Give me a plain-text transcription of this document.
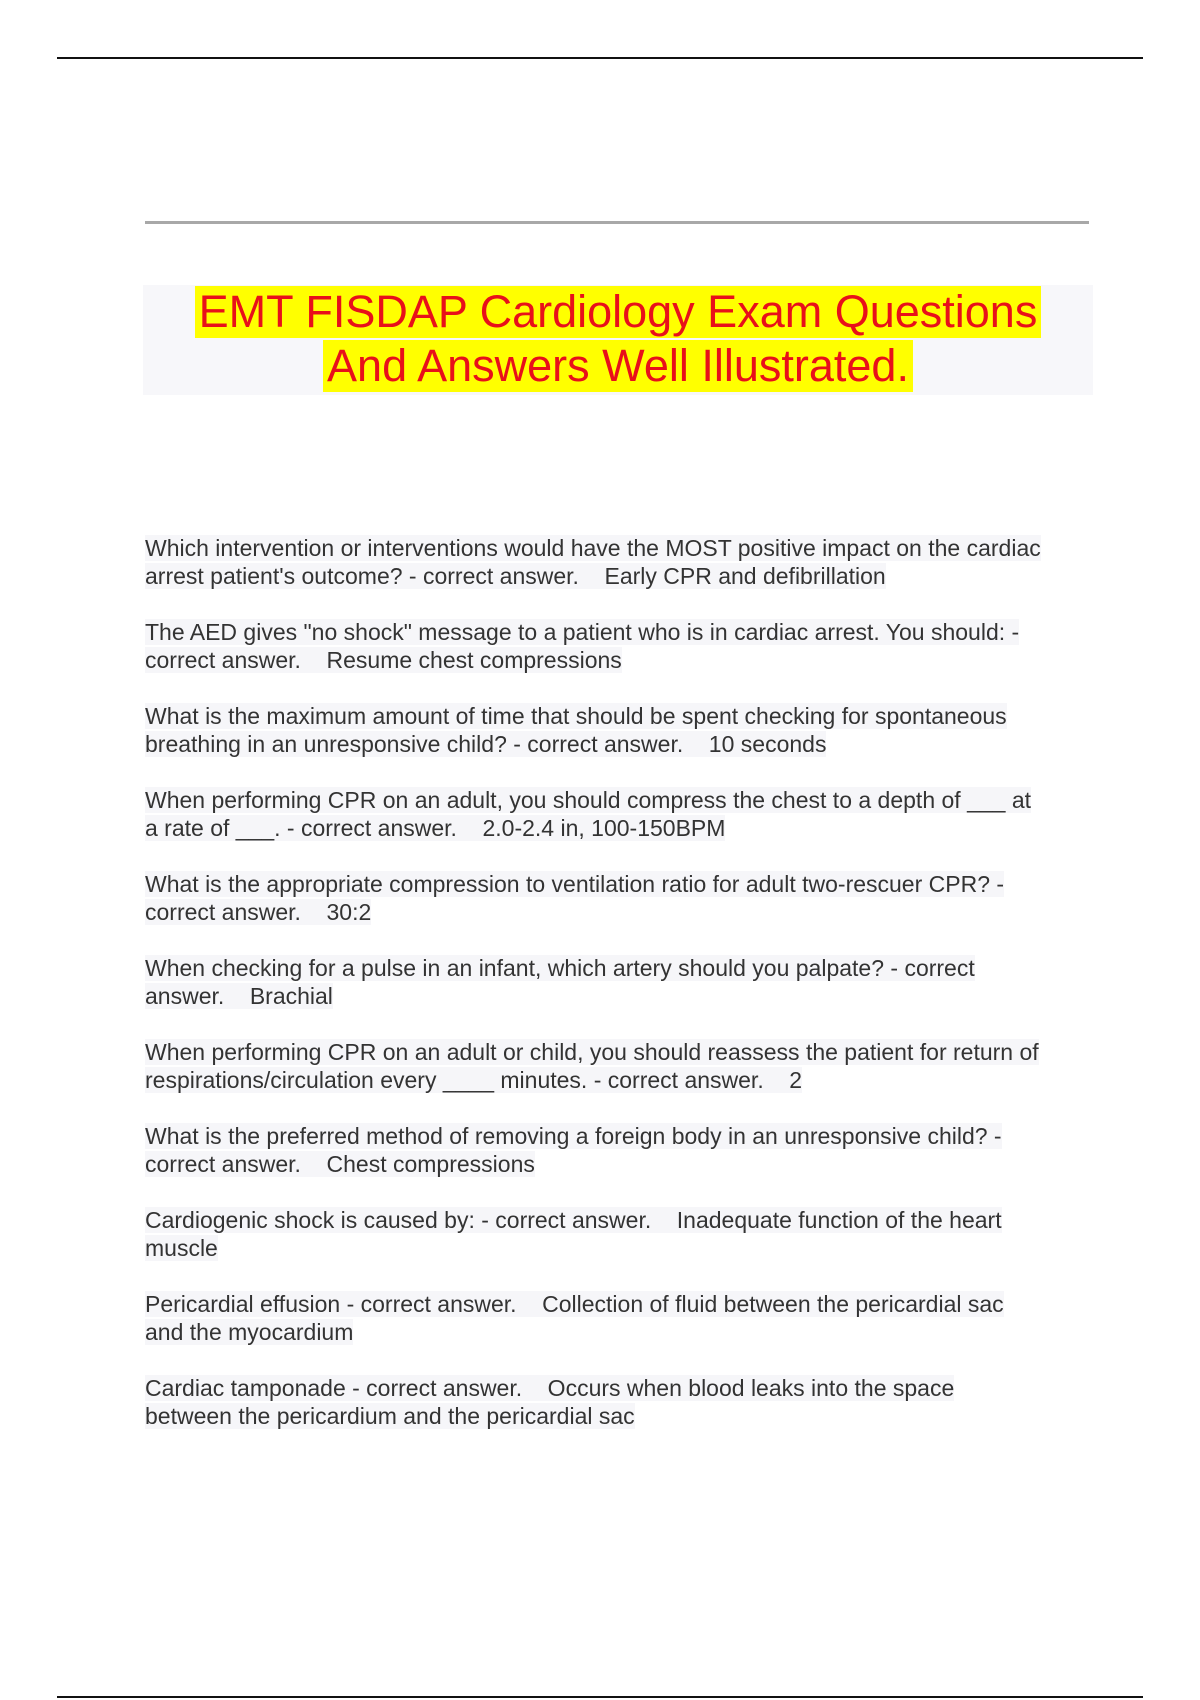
EMT FISDAP Cardiology Exam Questions
And Answers Well Illustrated.
Which intervention or interventions would have the MOST positive impact on the cardiac
arrest patient's outcome? - correct answer.    Early CPR and defibrillation
The AED gives "no shock" message to a patient who is in cardiac arrest. You should: -
correct answer.    Resume chest compressions
What is the maximum amount of time that should be spent checking for spontaneous
breathing in an unresponsive child? - correct answer.    10 seconds
When performing CPR on an adult, you should compress the chest to a depth of ___ at
a rate of ___. - correct answer.    2.0-2.4 in, 100-150BPM
What is the appropriate compression to ventilation ratio for adult two-rescuer CPR? -
correct answer.    30:2
When checking for a pulse in an infant, which artery should you palpate? - correct
answer.    Brachial
When performing CPR on an adult or child, you should reassess the patient for return of
respirations/circulation every ____ minutes. - correct answer.    2
What is the preferred method of removing a foreign body in an unresponsive child? -
correct answer.    Chest compressions
Cardiogenic shock is caused by: - correct answer.    Inadequate function of the heart
muscle
Pericardial effusion - correct answer.    Collection of fluid between the pericardial sac
and the myocardium
Cardiac tamponade - correct answer.    Occurs when blood leaks into the space
between the pericardium and the pericardial sac
